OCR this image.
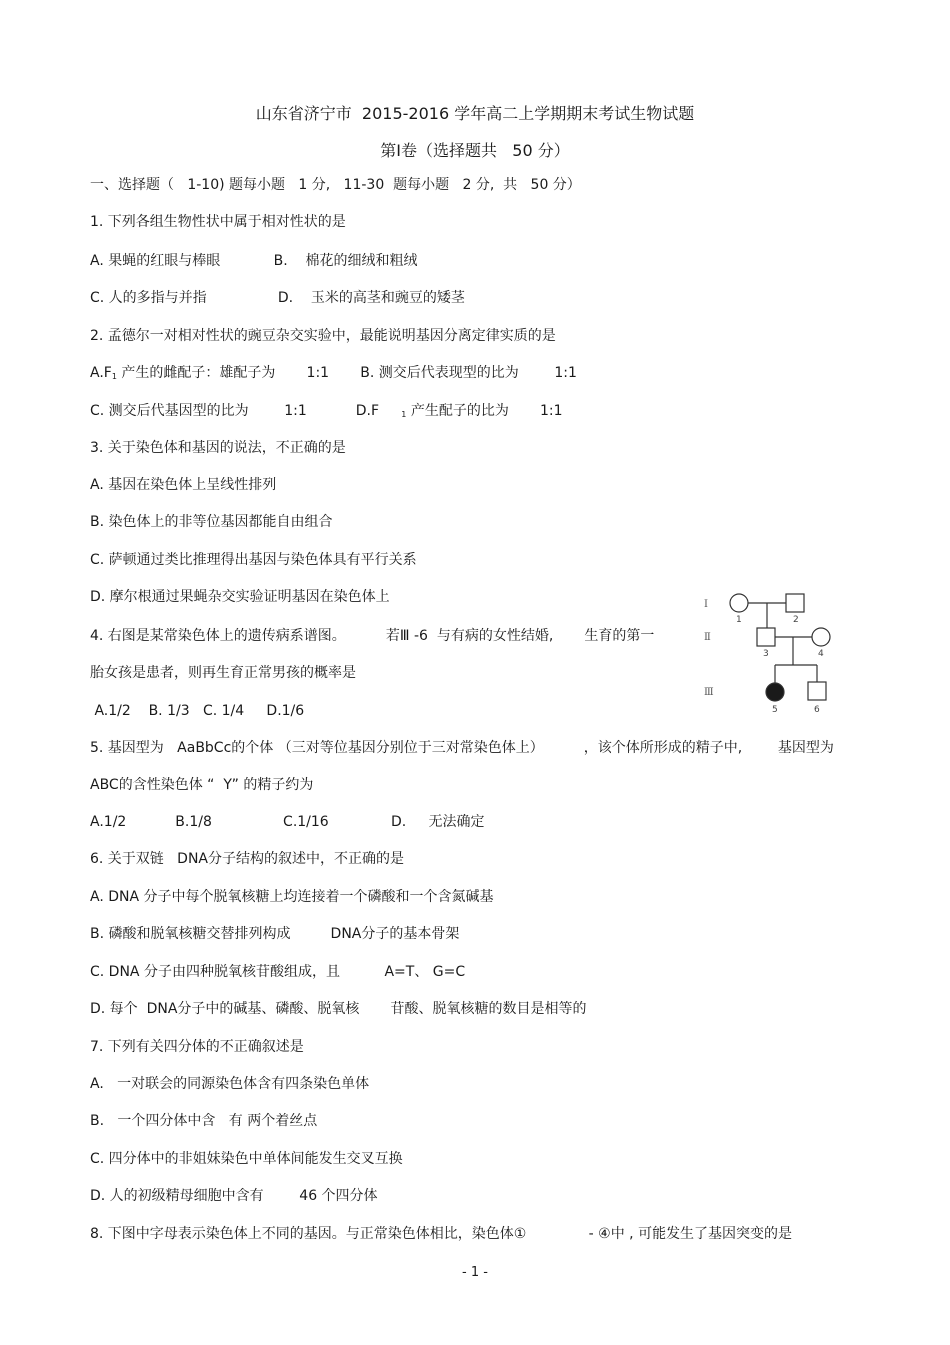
山东省济宁市  2015-2016 学年高二上学期期末考试生物试题
第Ⅰ卷（选择题共   50 分）
一、选择题（   1-10) 题每小题   1 分,   11-30  题每小题   2 分,  共   50 分）
1. 下列各组生物性状中属于相对性状的是
A. 果蝇的红眼与棒眼            B.    棉花的细绒和粗绒
C. 人的多指与并指                D.    玉米的高茎和豌豆的矮茎
2. 孟德尔一对相对性状的豌豆杂交实验中，最能说明基因分离定律实质的是
$A.F_1$ 产生的雌配子：雄配子为       1:1       B. 测交后代表现型的比为        1:1
C. 测交后代基因型的比为        1:1           D.F     $_1$ 产生配子的比为       1:1
3. 关于染色体和基因的说法，不正确的是
A. 基因在染色体上呈线性排列
B. 染色体上的非等位基因都能自由组合
C. 萨顿通过类比推理得出基因与染色体具有平行关系
D. 摩尔根通过果蝇杂交实验证明基因在染色体上
4. 右图是某常染色体上的遗传病系谱图。         若Ⅲ -6  与有病的女性结婚,       生育的第一
胎女孩是患者，则再生育正常男孩的概率是
A.1/2    B. 1/3   C. 1/4     D.1/6
5. 基因型为   AaBbCc的个体 （三对等位基因分别位于三对常染色体上）         ，该个体所形成的精子中,        基因型为
ABC的含性染色体 “  Y” 的精子约为
A.1/2           B.1/8                C.1/16              D.     无法确定
6. 关于双链   DNA分子结构的叙述中，不正确的是
A. DNA 分子中每个脱氧核糖上均连接着一个磷酸和一个含氮碱基
B. 磷酸和脱氧核糖交替排列构成         DNA分子的基本骨架
C. DNA 分子由四种脱氧核苷酸组成，且          A=T、 G=C
D. 每个  DNA分子中的碱基、磷酸、脱氧核       苷酸、脱氧核糖的数目是相等的
7. 下列有关四分体的不正确叙述是
A.   一对联会的同源染色体含有四条染色单体
B.   一个四分体中含   有 两个着丝点
C. 四分体中的非姐妹染色中单体间能发生交叉互换
D. 人的初级精母细胞中含有        46 个四分体
8. 下图中字母表示染色体上不同的基因。与正常染色体相比，染色体①              - ④中 , 可能发生了基因突变的是
Ⅰ
Ⅱ
Ⅲ
1	2
3	4
5	6
- 1 -
